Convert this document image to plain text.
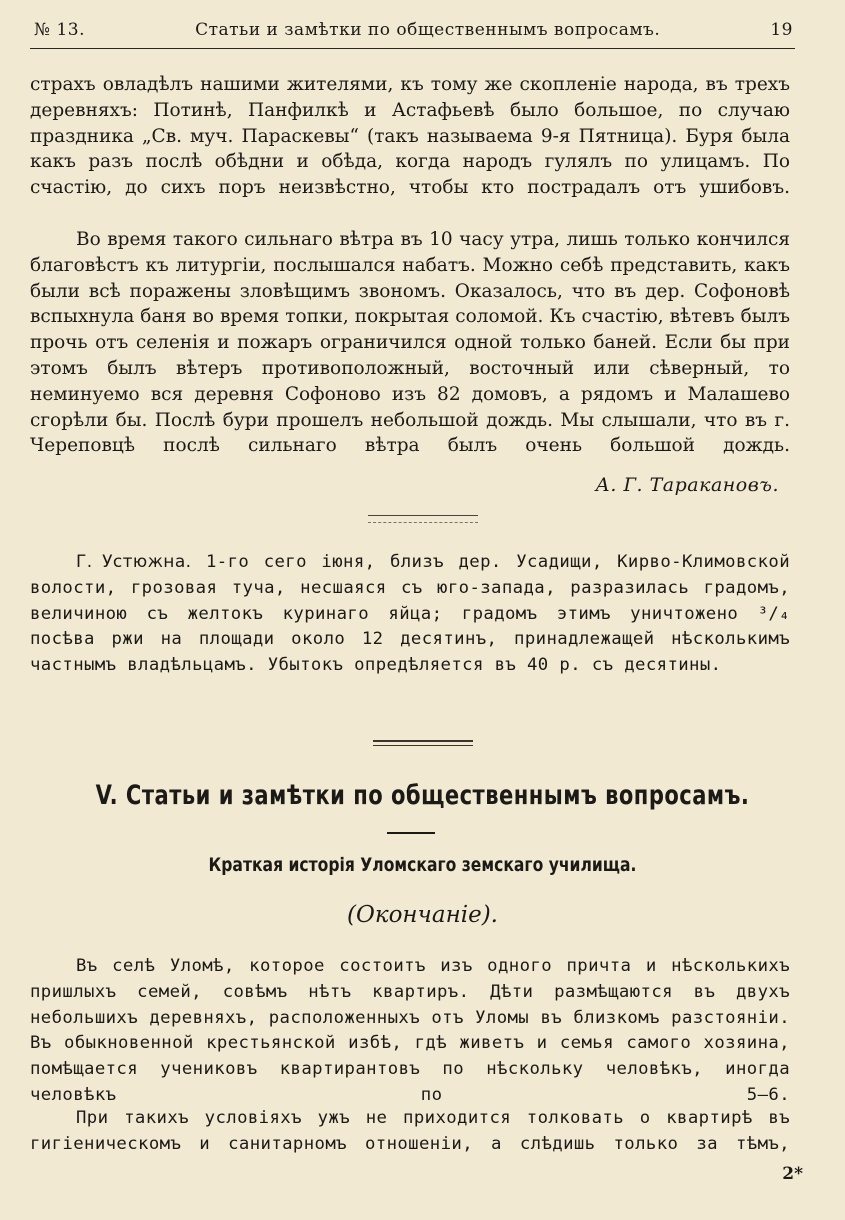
№ 13.	Статьи и замѣтки по общественнымъ вопросамъ.	19

страхъ овладѣлъ нашими жителями, къ тому же скопленіе народа, въ трехъ деревняхъ: Потинѣ, Панфилкѣ и Астафьевѣ было большое, по случаю праздника „Св. муч. Параскевы“ (такъ называема 9-я Пятница). Буря была какъ разъ послѣ обѣдни и обѣда, когда народъ гулялъ по улицамъ. По счастію, до сихъ поръ неизвѣстно, чтобы кто пострадалъ отъ ушибовъ.

Во время такого сильнаго вѣтра въ 10 часу утра, лишь только кончился благовѣстъ къ литургіи, послышался набатъ. Можно себѣ представить, какъ были всѣ поражены зловѣщимъ звономъ. Оказалось, что въ дер. Софоновѣ вспыхнула баня во время топки, покрытая соломой. Къ счастію, вѣтевъ былъ прочь отъ селенія и пожаръ ограничился одной только баней. Если бы при этомъ былъ вѣтеръ противоположный, восточный или сѣверный, то неминуемо вся деревня Софоново изъ 82 домовъ, а рядомъ и Малашево сгорѣли бы. Послѣ бури прошелъ небольшой дождь. Мы слышали, что въ г. Череповцѣ послѣ сильнаго вѣтра былъ очень большой дождь.

А. Г. Таракановъ.

Г. Устюжна. 1-го сего іюня, близъ дер. Усадищи, Кирво-Климовской волости, грозовая туча, несшаяся съ юго-запада, разразилась градомъ, величиною съ желтокъ куринаго яйца; градомъ этимъ уничтожено ³/₄ посѣва ржи на площади около 12 десятинъ, принадлежащей нѣсколькимъ частнымъ владѣльцамъ. Убытокъ опредѣляется въ 40 р. съ десятины.

V. Статьи и замѣтки по общественнымъ вопросамъ.
Краткая исторія Уломскаго земскаго училища.
(Окончаніе).

Въ селѣ Уломѣ, которое состоитъ изъ одного причта и нѣсколькихъ пришлыхъ семей, совѣмъ нѣтъ квартиръ. Дѣти размѣщаются въ двухъ небольшихъ деревняхъ, расположенныхъ отъ Уломы въ близкомъ разстояніи. Въ обыкновенной крестьянской избѣ, гдѣ живетъ и семья самого хозяина, помѣщается учениковъ квартирантовъ по нѣскольку человѣкъ, иногда человѣкъ по 5—6.

При такихъ условіяхъ ужъ не приходится толковать о квартирѣ въ гигіеническомъ и санитарномъ отношеніи, а слѣдишь только за тѣмъ,

2*
